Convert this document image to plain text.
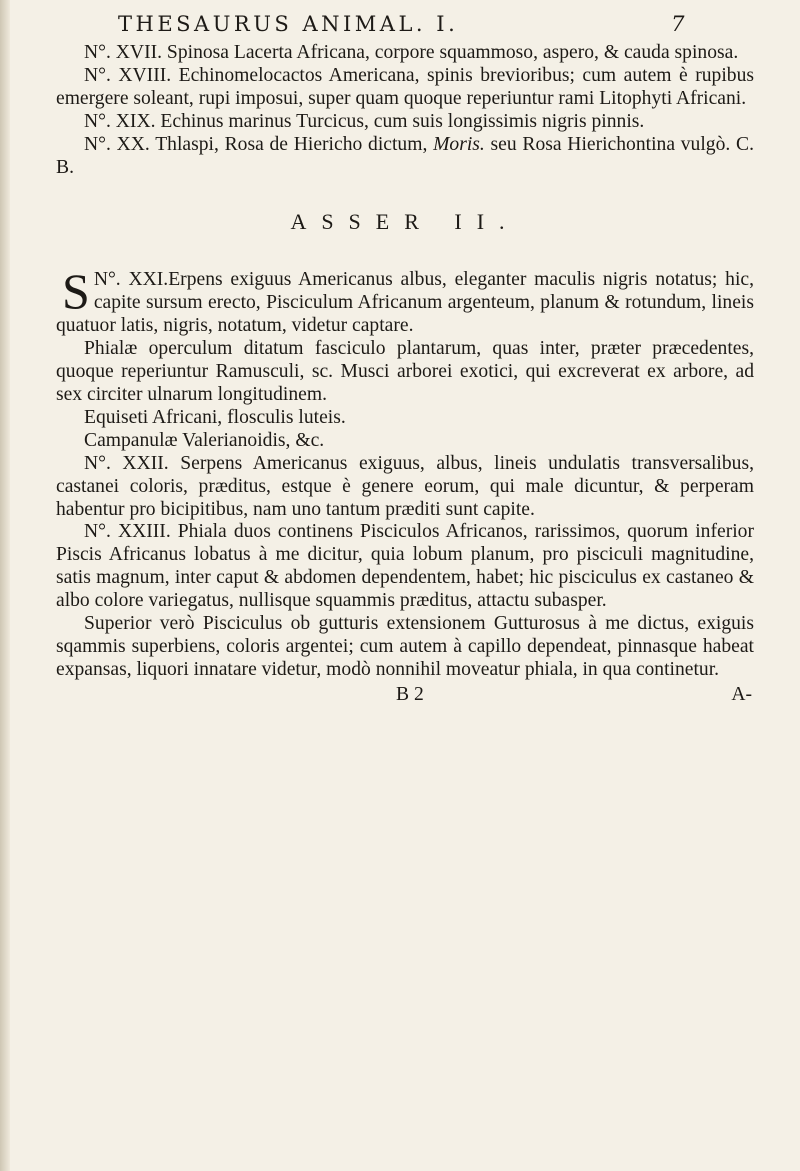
THESAURUS ANIMAL. I.	7

N°. XVII. Spinosa Lacerta Africana, corpore squammoso, aspero, & cauda spinosa.

N°. XVIII. Echinomelocactos Americana, spinis brevioribus; cum autem è rupibus emergere soleant, rupi imposui, super quam quoque reperiuntur rami Litophyti Africani.

N°. XIX. Echinus marinus Turcicus, cum suis longissimis nigris pinnis.

N°. XX. Thlaspi, Rosa de Hiericho dictum, Moris. seu Rosa Hierichontina vulgò. C. B.

ASSER II.

N°. XXI.
S	Erpens exiguus Americanus albus, eleganter maculis nigris notatus; hic, capite sursum erecto, Pisciculum Africanum argenteum, planum & rotundum, lineis quatuor latis, nigris, notatum, videtur captare.

Phialæ operculum ditatum fasciculo plantarum, quas inter, præter præcedentes, quoque reperiuntur Ramusculi, sc. Musci arborei exotici, qui excreverat ex arbore, ad sex circiter ulnarum longitudinem.

Equiseti Africani, flosculis luteis.

Campanulæ Valerianoidis, &c.

N°. XXII. Serpens Americanus exiguus, albus, lineis undulatis transversalibus, castanei coloris, præditus, estque è genere eorum, qui male dicuntur, & perperam habentur pro bicipitibus, nam uno tantum præditi sunt capite.

N°. XXIII. Phiala duos continens Pisciculos Africanos, rarissimos, quorum inferior Piscis Africanus lobatus à me dicitur, quia lobum planum, pro pisciculi magnitudine, satis magnum, inter caput & abdomen dependentem, habet; hic pisciculus ex castaneo & albo colore variegatus, nullisque squammis præditus, attactu subasper.

Superior verò Pisciculus ob gutturis extensionem Gutturosus à me dictus, exiguis sqammis superbiens, coloris argentei; cum autem à capillo dependeat, pinnasque habeat expansas, liquori innatare videtur, modò nonnihil moveatur phiala, in qua continetur.

B 2	A-
